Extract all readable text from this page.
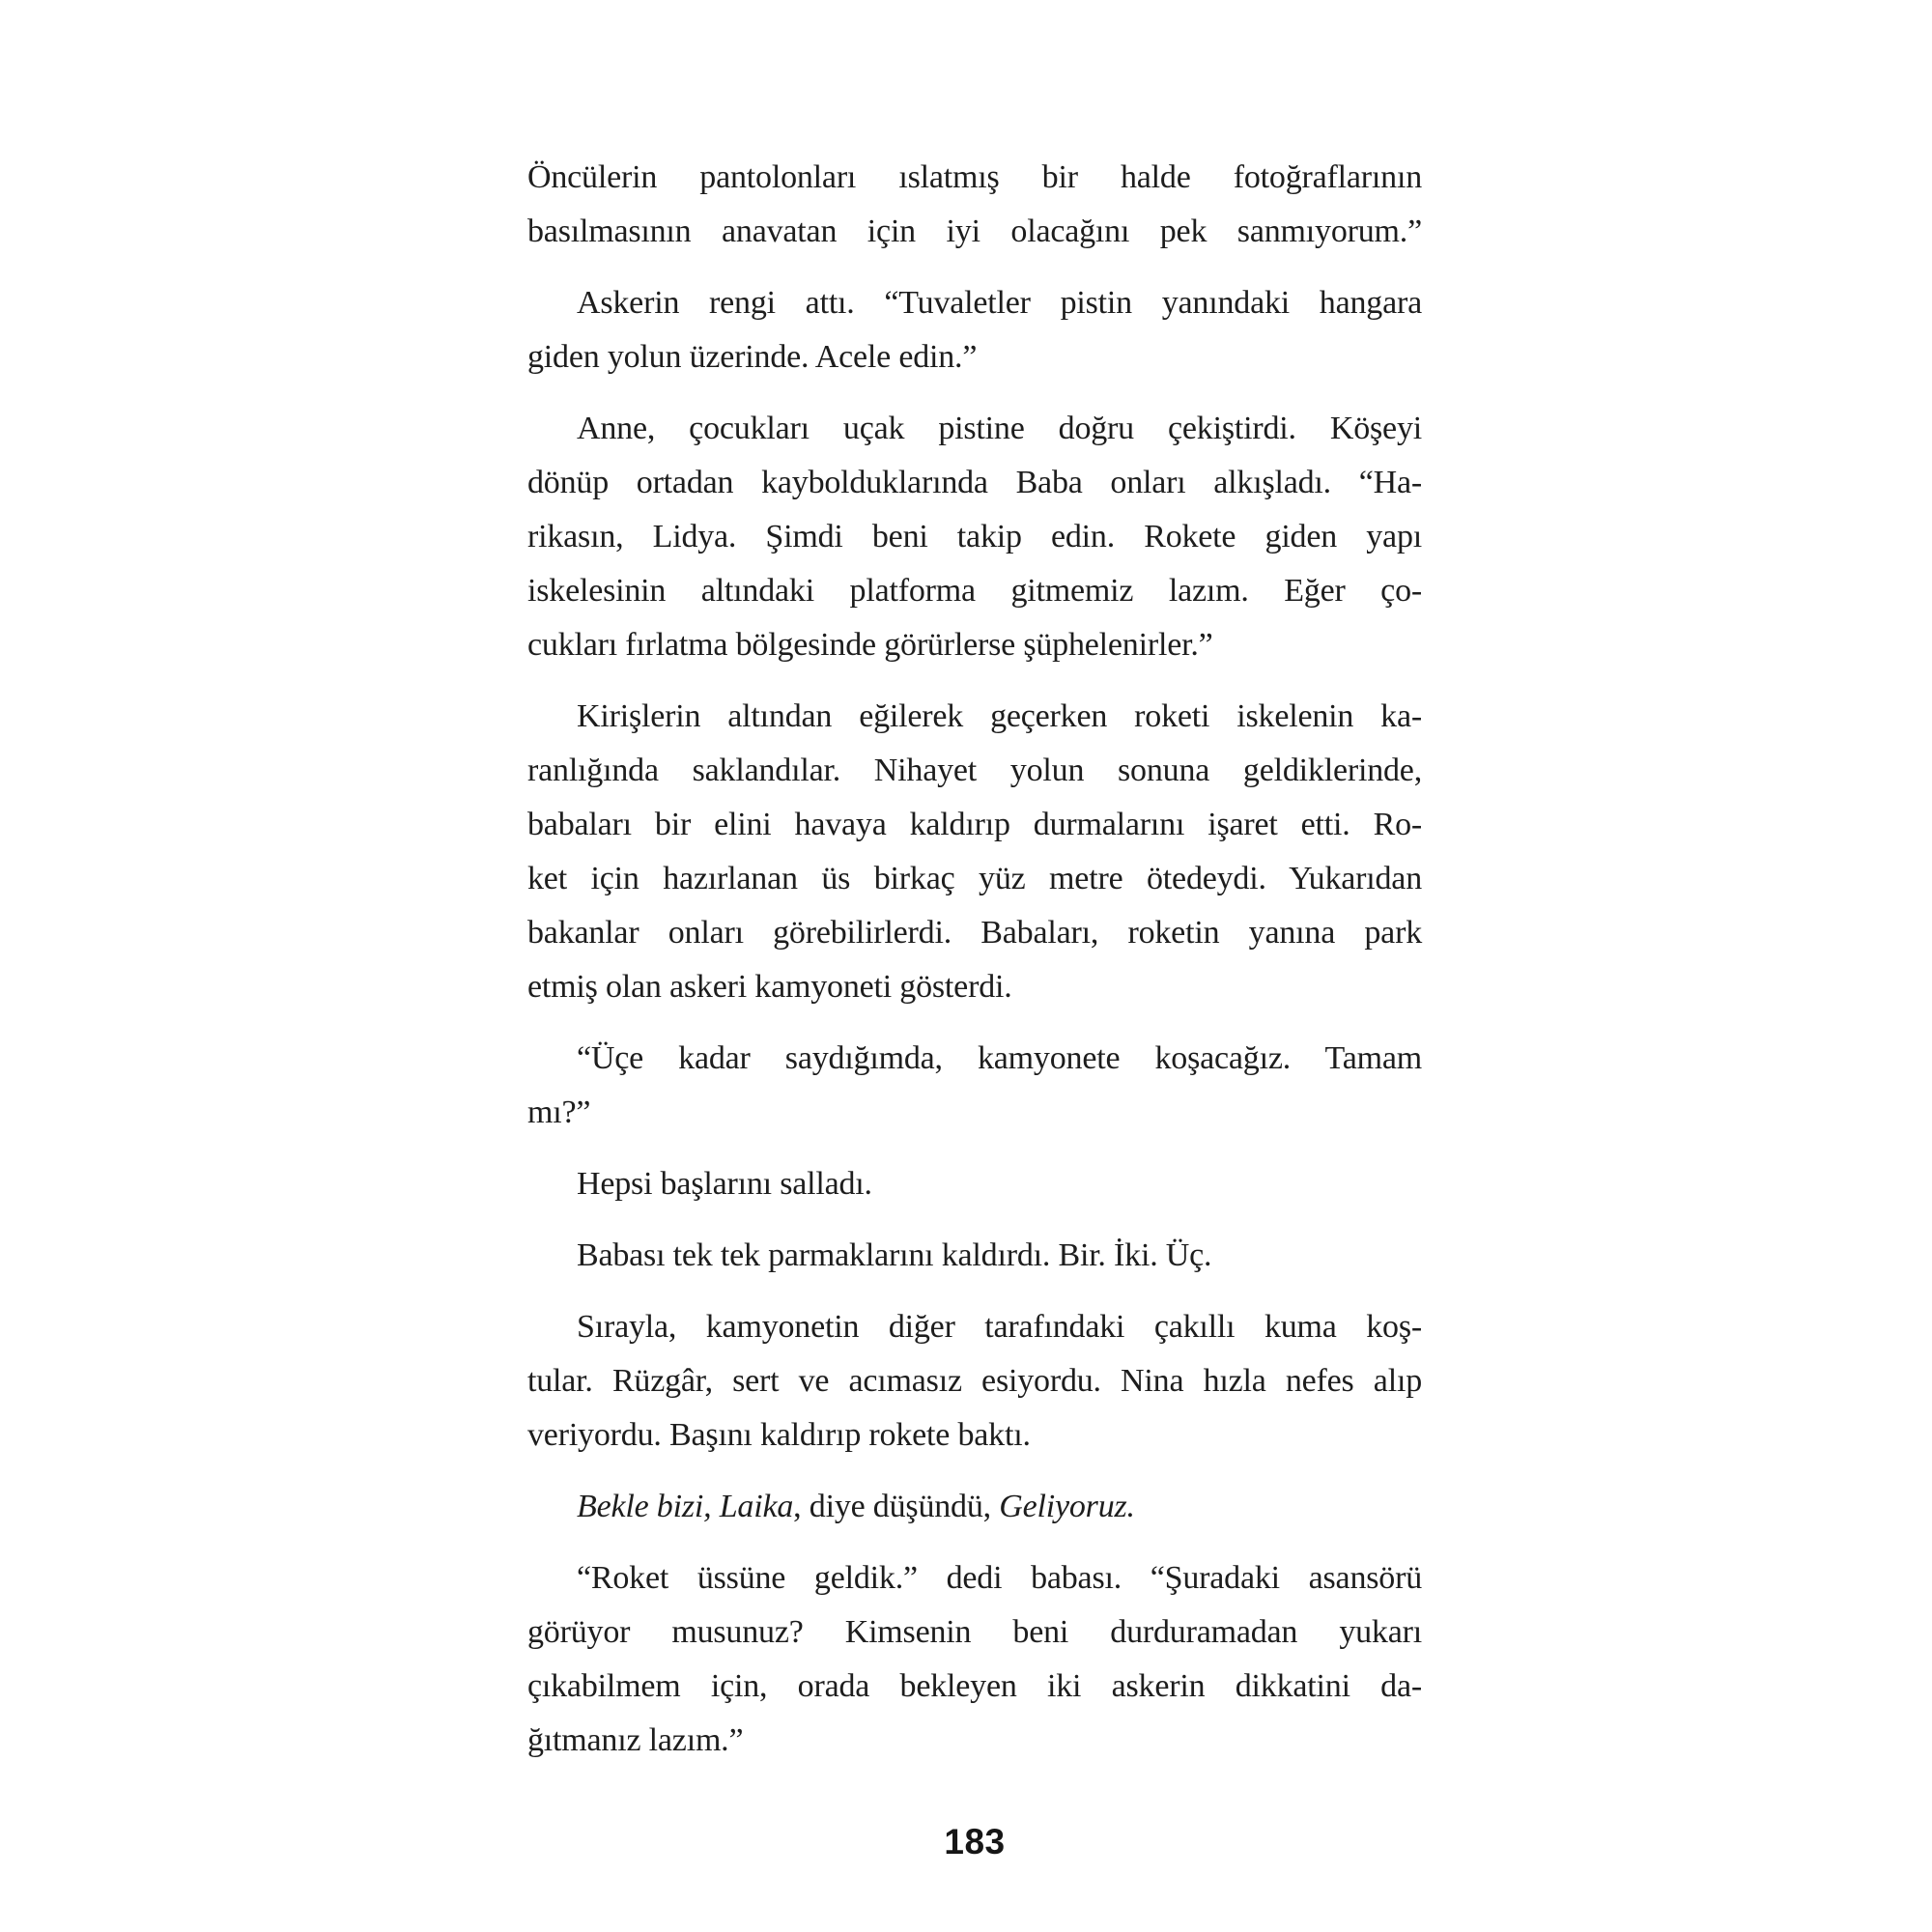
Öncülerin pantolonları ıslatmış bir halde fotoğraflarının
basılmasının anavatan için iyi olacağını pek sanmıyorum.”

Askerin rengi attı. “Tuvaletler pistin yanındaki hangara
giden yolun üzerinde. Acele edin.”

Anne, çocukları uçak pistine doğru çekiştirdi. Köşeyi
dönüp ortadan kaybolduklarında Baba onları alkışladı. “Ha-
rikasın, Lidya. Şimdi beni takip edin. Rokete giden yapı
iskelesinin altındaki platforma gitmemiz lazım. Eğer ço-
cukları fırlatma bölgesinde görürlerse şüphelenirler.”

Kirişlerin altından eğilerek geçerken roketi iskelenin ka-
ranlığında saklandılar. Nihayet yolun sonuna geldiklerinde,
babaları bir elini havaya kaldırıp durmalarını işaret etti. Ro-
ket için hazırlanan üs birkaç yüz metre ötedeydi. Yukarıdan
bakanlar onları görebilirlerdi. Babaları, roketin yanına park
etmiş olan askeri kamyoneti gösterdi.

“Üçe kadar saydığımda, kamyonete koşacağız. Tamam
mı?”

Hepsi başlarını salladı.

Babası tek tek parmaklarını kaldırdı. Bir. İki. Üç.

Sırayla, kamyonetin diğer tarafındaki çakıllı kuma koş-
tular. Rüzgâr, sert ve acımasız esiyordu. Nina hızla nefes alıp
veriyordu. Başını kaldırıp rokete baktı.

Bekle bizi, Laika, diye düşündü, Geliyoruz.

“Roket üssüne geldik.” dedi babası. “Şuradaki asansörü
görüyor musunuz? Kimsenin beni durduramadan yukarı
çıkabilmem için, orada bekleyen iki askerin dikkatini da-
ğıtmanız lazım.”

183
